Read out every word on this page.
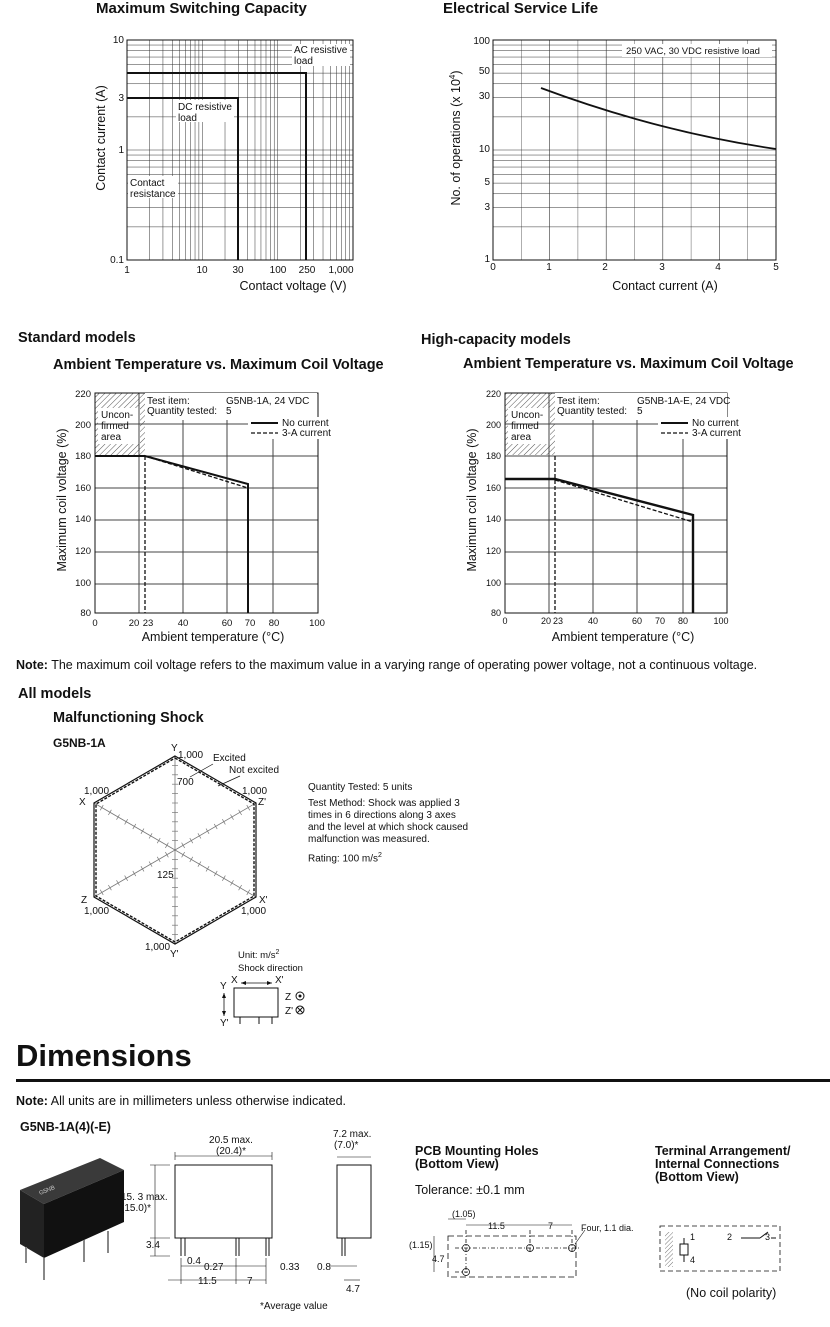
Maximum Switching Capacity
AC resistive
load
DC resistive
load
Contact
resistance
1	10 30	100 250 1,000
10
3
1
0.1
Contact voltage (V)
Contact current (A)
Electrical Service Life
250 VAC, 30 VDC resistive load
0	1	2	3	4	5
100
50
30
10
5
3
1
Contact current (A)
No. of operations (x $10^4$)
Standard models	High-capacity models
Ambient Temperature vs. Maximum Coil Voltage	Ambient Temperature vs. Maximum Coil Voltage
Test item:	G5NB-1A, 24 VDC
Quantity tested: 5
Uncon-
firmed
area
No current
3-A current
0	20 23	40	60 70 80	100
220
200
180
160
140
120
100
80
Ambient temperature (°C)
Maximum coil voltage (%)
Test item:	G5NB-1A-E, 24 VDC
Quantity tested: 5
Uncon-
firmed
area
No current
3-A current
0	20 23	40	60 70 80	100
220
200
180
160
140
120
100
80
Ambient temperature (°C)
Maximum coil voltage (%)
Note: The maximum coil voltage refers to the maximum value in a varying range of operating power voltage, not a continuous voltage.
All models
Malfunctioning Shock
G5NB-1A	Y
1,000
700
Excited
Not excited
1,000
X
1,000
Z'
125
Z
1,000
X'
1,000
1,000
Y'	Unit: $m/s^2$
Shock direction
X	X'
Y
Y'
Z
Z'
Quantity Tested: 5 units
Test Method: Shock was applied 3
times in 6 directions along 3 axes
and the level at which shock caused
malfunction was measured.
Rating: 100 $m/s^2$
Dimensions
Note: All units are in millimeters unless otherwise indicated.
G5NB-1A(4)(-E)
G5NB
20.5 max.
(20.4)*
15. 3 max.
(15.0)*
3.4
0.4
0.27	0.33
11.5	7
*Average value
7.2 max.
(7.0)*
0.8
4.7
PCB Mounting Holes
(Bottom View)
Tolerance: ±0.1 mm
(1.05)
11.5	7
(1.15)
4.7
Four, 1.1 dia.
Terminal Arrangement/
Internal Connections
(Bottom View)
1
4
2	3
(No coil polarity)
